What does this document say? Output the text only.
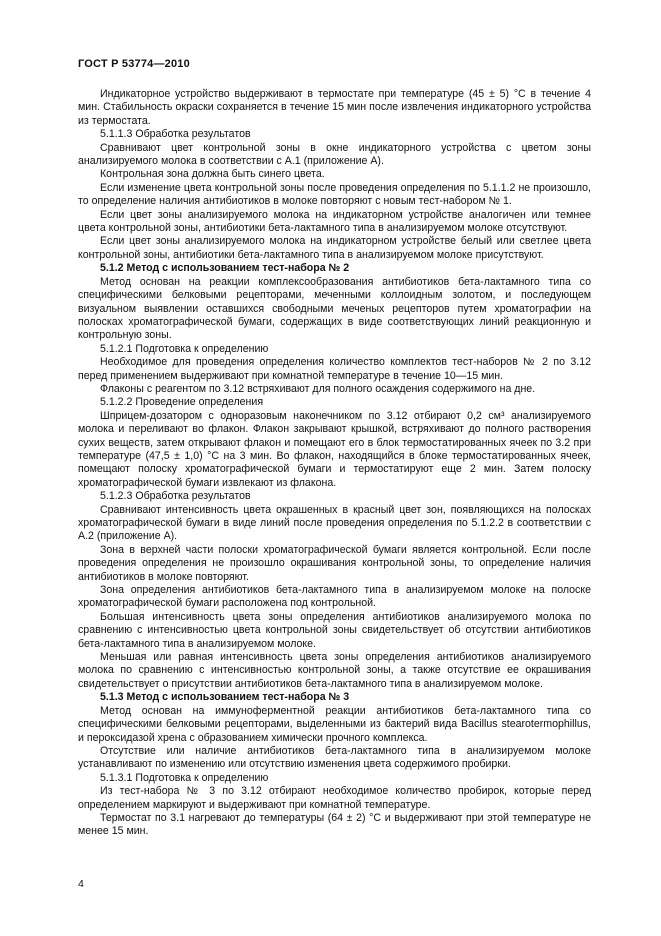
ГОСТ Р 53774—2010

Индикаторное устройство выдерживают в термостате при температуре (45 ± 5) °С в течение 4 мин. Стабильность окраски сохраняется в течение 15 мин после извлечения индикаторного устройства из термостата.

5.1.1.3 Обработка результатов

Сравнивают цвет контрольной зоны в окне индикаторного устройства с цветом зоны анализируемого молока в соответствии с А.1 (приложение А).

Контрольная зона должна быть синего цвета.

Если изменение цвета контрольной зоны после проведения определения по 5.1.1.2 не произошло, то определение наличия антибиотиков в молоке повторяют с новым тест-набором № 1.

Если цвет зоны анализируемого молока на индикаторном устройстве аналогичен или темнее цвета контрольной зоны, антибиотики бета-лактамного типа в анализируемом молоке отсутствуют.

Если цвет зоны анализируемого молока на индикаторном устройстве белый или светлее цвета контрольной зоны, антибиотики бета-лактамного типа в анализируемом молоке присутствуют.

5.1.2 Метод с использованием тест-набора № 2

Метод основан на реакции комплексообразования антибиотиков бета-лактамного типа со специфическими белковыми рецепторами, меченными коллоидным золотом, и последующем визуальном выявлении оставшихся свободными меченых рецепторов путем хроматографии на полосках хроматографической бумаги, содержащих в виде соответствующих линий реакционную и контрольную зоны.

5.1.2.1 Подготовка к определению

Необходимое для проведения определения количество комплектов тест-наборов № 2 по 3.12 перед применением выдерживают при комнатной температуре в течение 10—15 мин.

Флаконы с реагентом по 3.12 встряхивают для полного осаждения содержимого на дне.

5.1.2.2 Проведение определения

Шприцем-дозатором с одноразовым наконечником по 3.12 отбирают 0,2 см³ анализируемого молока и переливают во флакон. Флакон закрывают крышкой, встряхивают до полного растворения сухих веществ, затем открывают флакон и помещают его в блок термостатированных ячеек по 3.2 при температуре (47,5 ± 1,0) °С на 3 мин. Во флакон, находящийся в блоке термостатированных ячеек, помещают полоску хроматографической бумаги и термостатируют еще 2 мин. Затем полоску хроматографической бумаги извлекают из флакона.

5.1.2.3 Обработка результатов

Сравнивают интенсивность цвета окрашенных в красный цвет зон, появляющихся на полосках хроматографической бумаги в виде линий после проведения определения по 5.1.2.2 в соответствии с А.2 (приложение А).

Зона в верхней части полоски хроматографической бумаги является контрольной. Если после проведения определения не произошло окрашивания контрольной зоны, то определение наличия антибиотиков в молоке повторяют.

Зона определения антибиотиков бета-лактамного типа в анализируемом молоке на полоске хроматографической бумаги расположена под контрольной.

Большая интенсивность цвета зоны определения антибиотиков анализируемого молока по сравнению с интенсивностью цвета контрольной зоны свидетельствует об отсутствии антибиотиков бета-лактамного типа в анализируемом молоке.

Меньшая или равная интенсивность цвета зоны определения антибиотиков анализируемого молока по сравнению с интенсивностью контрольной зоны, а также отсутствие ее окрашивания свидетельствует о присутствии антибиотиков бета-лактамного типа в анализируемом молоке.

5.1.3 Метод с использованием тест-набора № 3

Метод основан на иммуноферментной реакции антибиотиков бета-лактамного типа со специфическими белковыми рецепторами, выделенными из бактерий вида Bacillus stearotermophillus, и пероксидазой хрена с образованием химически прочного комплекса.

Отсутствие или наличие антибиотиков бета-лактамного типа в анализируемом молоке устанавливают по изменению или отсутствию изменения цвета содержимого пробирки.

5.1.3.1 Подготовка к определению

Из тест-набора № 3 по 3.12 отбирают необходимое количество пробирок, которые перед определением маркируют и выдерживают при комнатной температуре.

Термостат по 3.1 нагревают до температуры (64 ± 2) °С и выдерживают при этой температуре не менее 15 мин.

4
